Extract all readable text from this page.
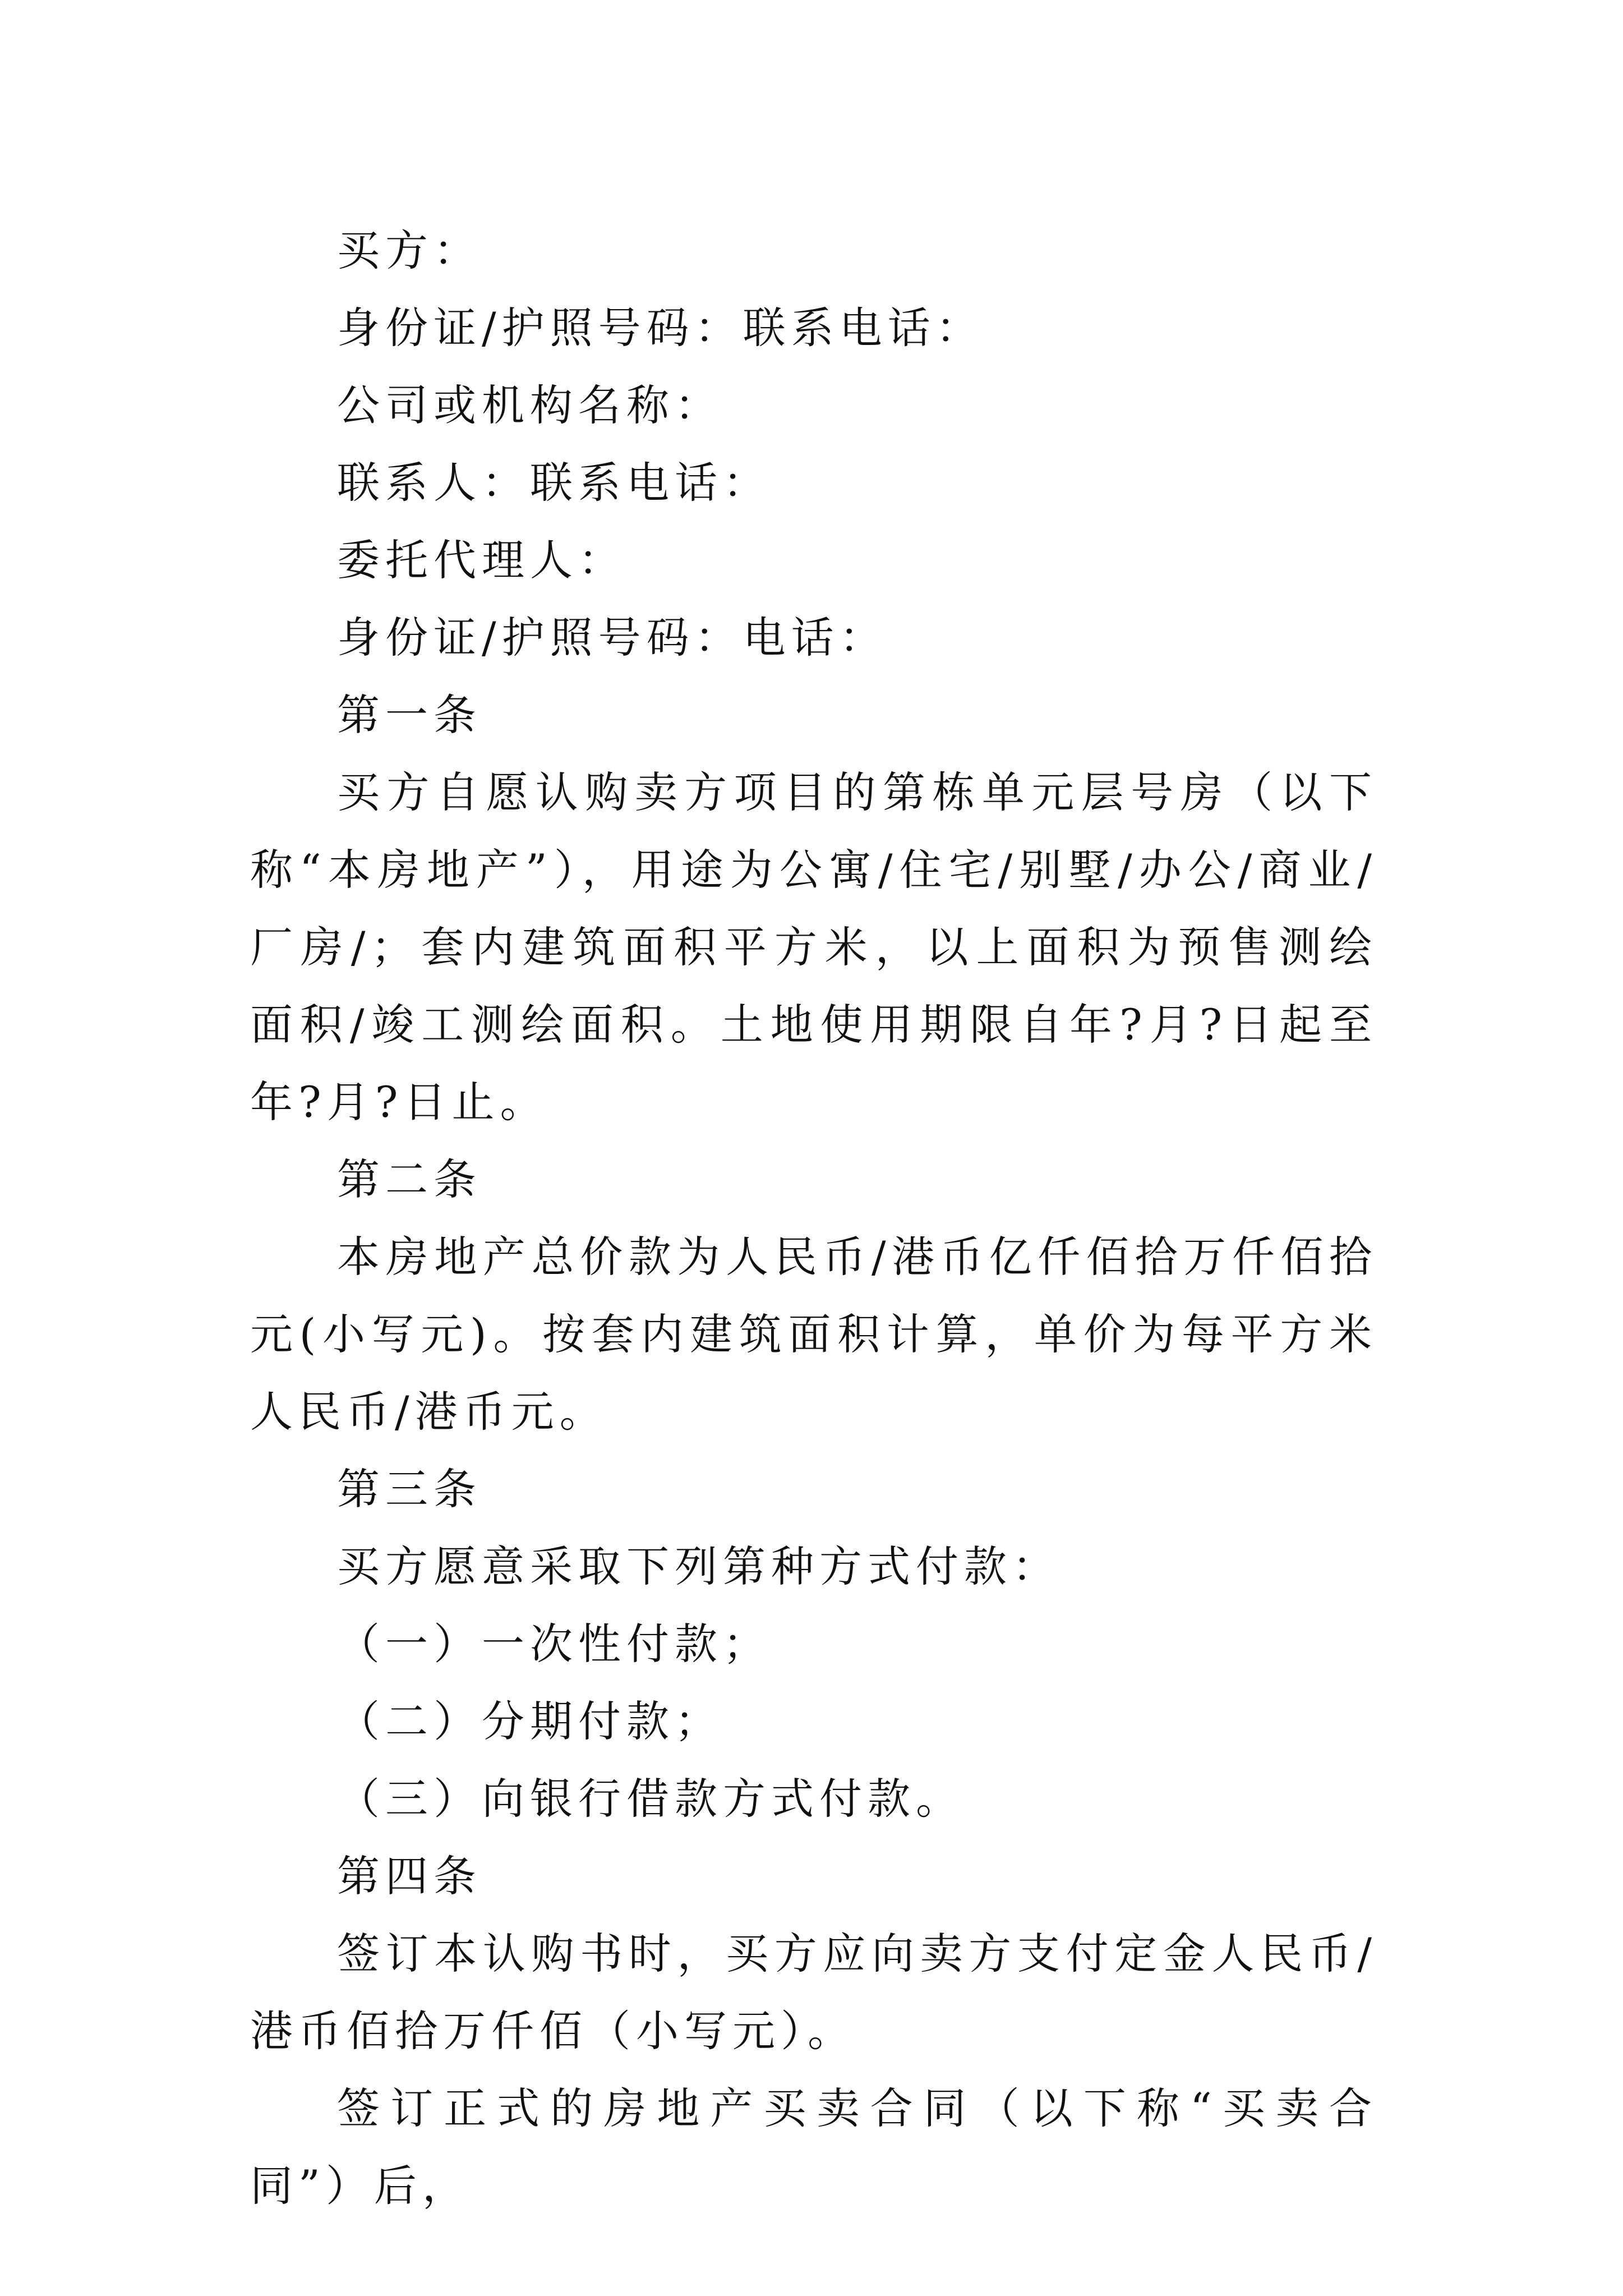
买方：
身份证/护照号码：联系电话：
公司或机构名称：
联系人：联系电话：
委托代理人：
身份证/护照号码：电话：
第一条

买方自愿认购卖方项目的第栋单元层号房（以下称“本房地产”），用途为公寓/住宅/别墅/办公/商业/厂房/；套内建筑面积平方米，以上面积为预售测绘面积/竣工测绘面积。土地使用期限自年?月?日起至年?月?日止。

第二条

本房地产总价款为人民币/港币亿仟佰拾万仟佰拾元(小写元)。按套内建筑面积计算，单价为每平方米人民币/港币元。

第三条
买方愿意采取下列第种方式付款：
（一）一次性付款；
（二）分期付款；
（三）向银行借款方式付款。
第四条

签订本认购书时，买方应向卖方支付定金人民币/港币佰拾万仟佰（小写元）。

签订正式的房地产买卖合同（以下称“买卖合同”）后，
